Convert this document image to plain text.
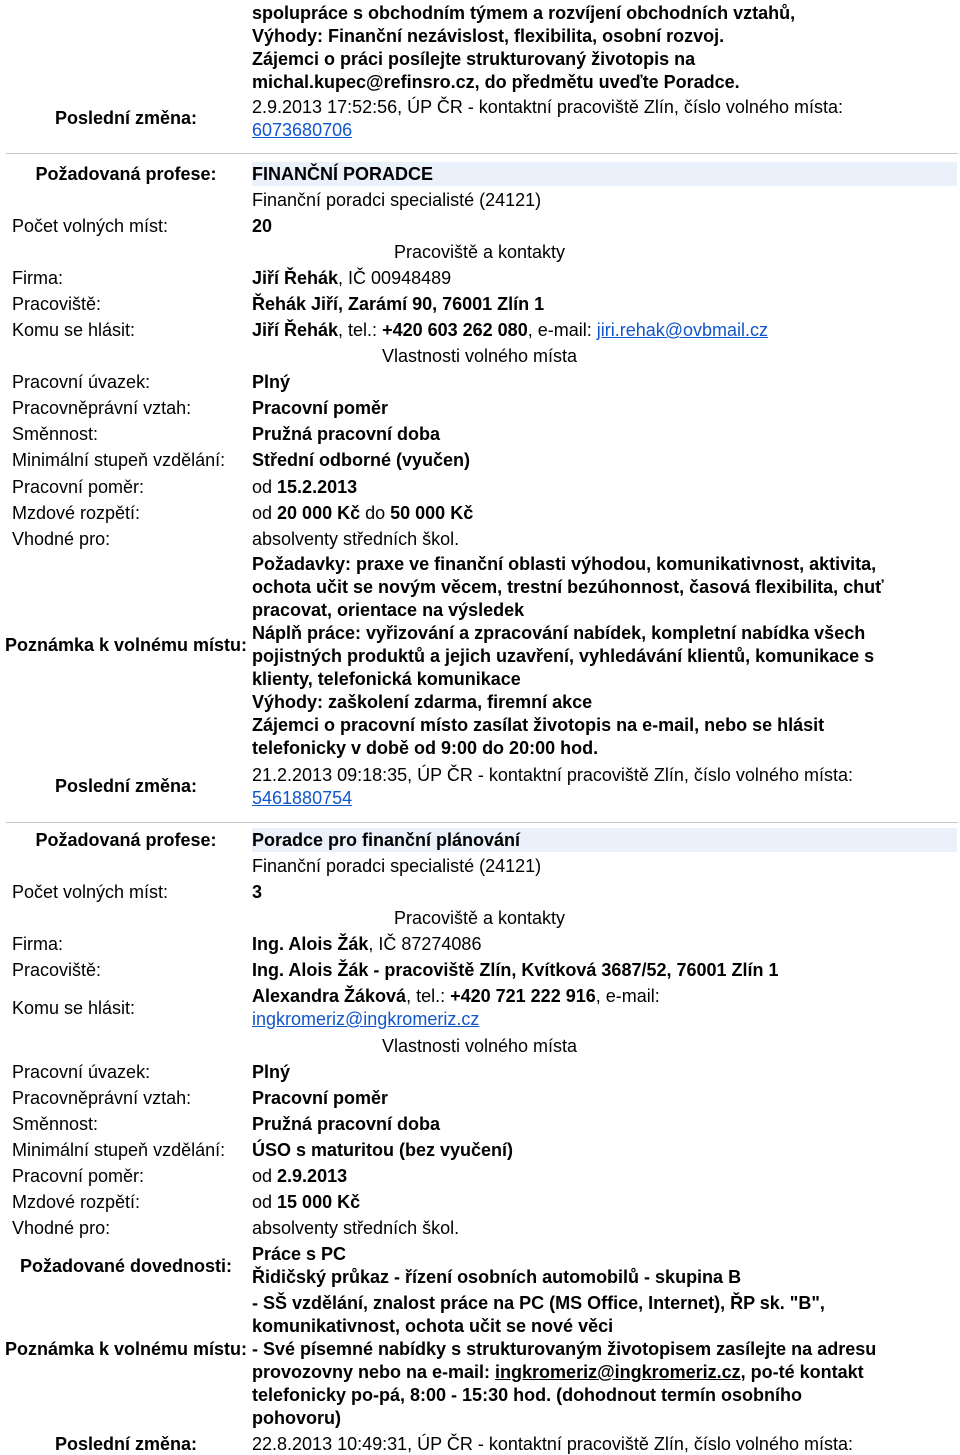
spolupráce s obchodním týmem a rozvíjení obchodních vztahů,
Výhody: Finanční nezávislost, flexibilita, osobní rozvoj.
Zájemci o práci posílejte strukturovaný životopis na
michal.kupec@refinsro.cz, do předmětu uveďte Poradce.
Poslední změna:
2.9.2013 17:52:56, ÚP ČR - kontaktní pracoviště Zlín, číslo volného místa:
6073680706
Požadovaná profese:	FINANČNÍ PORADCE
Finanční poradci specialisté (24121)
Počet volných míst:	20
Pracoviště a kontakty
Firma:	Jiří Řehák, IČ 00948489
Pracoviště:	Řehák Jiří, Zarámí 90, 76001 Zlín 1
Komu se hlásit:	Jiří Řehák, tel.: +420 603 262 080, e-mail: jiri.rehak@ovbmail.cz
Vlastnosti volného místa
Pracovní úvazek:	Plný
Pracovněprávní vztah:	Pracovní poměr
Směnnost:	Pružná pracovní doba
Minimální stupeň vzdělání: Střední odborné (vyučen)
Pracovní poměr:	od 15.2.2013
Mzdové rozpětí:	od 20 000 Kč do 50 000 Kč
Vhodné pro:	absolventy středních škol.
Poznámka k volnému místu:
Požadavky: praxe ve finanční oblasti výhodou, komunikativnost, aktivita,
ochota učit se novým věcem, trestní bezúhonnost, časová flexibilita, chuť
pracovat, orientace na výsledek
Náplň práce: vyřizování a zpracování nabídek, kompletní nabídka všech
pojistných produktů a jejich uzavření, vyhledávání klientů, komunikace s
klienty, telefonická komunikace
Výhody: zaškolení zdarma, firemní akce
Zájemci o pracovní místo zasílat životopis na e-mail, nebo se hlásit
telefonicky v době od 9:00 do 20:00 hod.
Poslední změna:
21.2.2013 09:18:35, ÚP ČR - kontaktní pracoviště Zlín, číslo volného místa:
5461880754
Požadovaná profese:	Poradce pro finanční plánování
Finanční poradci specialisté (24121)
Počet volných míst:	3
Pracoviště a kontakty
Firma:	Ing. Alois Žák, IČ 87274086
Pracoviště:	Ing. Alois Žák - pracoviště Zlín, Kvítková 3687/52, 76001 Zlín 1
Komu se hlásit:
Alexandra Žáková, tel.: +420 721 222 916, e-mail:
ingkromeriz@ingkromeriz.cz
Vlastnosti volného místa
Pracovní úvazek:	Plný
Pracovněprávní vztah:	Pracovní poměr
Směnnost:	Pružná pracovní doba
Minimální stupeň vzdělání: ÚSO s maturitou (bez vyučení)
Pracovní poměr:	od 2.9.2013
Mzdové rozpětí:	od 15 000 Kč
Vhodné pro:	absolventy středních škol.
Požadované dovednosti:
Práce s PC
Řidičský průkaz - řízení osobních automobilů - skupina B
Poznámka k volnému místu:
- SŠ vzdělání, znalost práce na PC (MS Office, Internet), ŘP sk. "B",
komunikativnost, ochota učit se nové věci
- Své písemné nabídky s strukturovaným životopisem zasílejte na adresu
provozovny nebo na e-mail: ingkromeriz@ingkromeriz.cz, po-té kontakt
telefonicky po-pá, 8:00 - 15:30 hod. (dohodnout termín osobního
pohovoru)
Poslední změna:	22.8.2013 10:49:31, ÚP ČR - kontaktní pracoviště Zlín, číslo volného místa:
